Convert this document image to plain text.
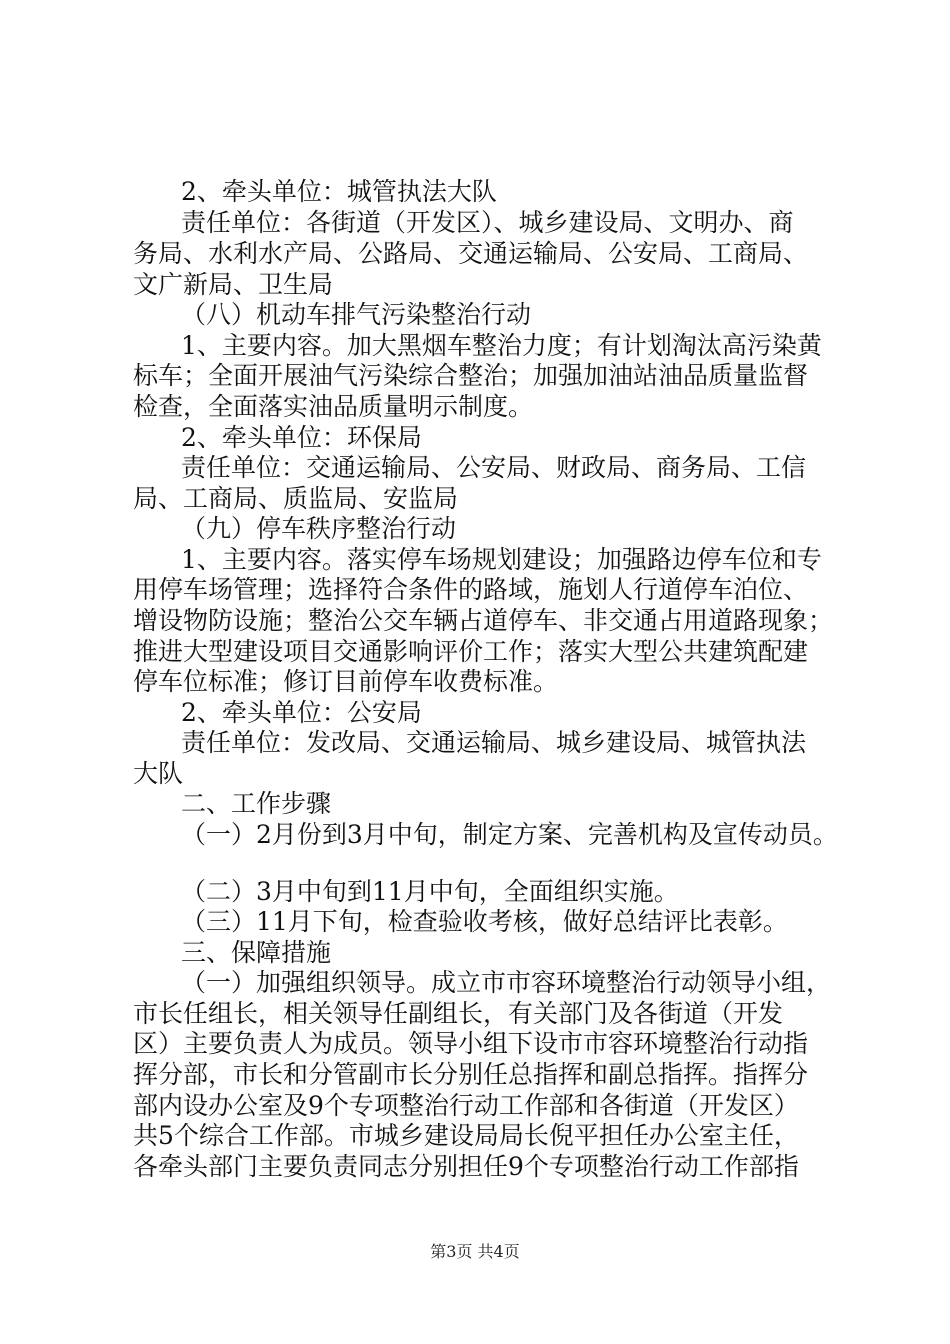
2、牵头单位：城管执法大队
责任单位：各街道（开发区）、城乡建设局、文明办、商
务局、水利水产局、公路局、交通运输局、公安局、工商局、
文广新局、卫生局
（八）机动车排气污染整治行动
1、主要内容。加大黑烟车整治力度；有计划淘汰高污染黄
标车；全面开展油气污染综合整治；加强加油站油品质量监督
检查，全面落实油品质量明示制度。
2、牵头单位：环保局
责任单位：交通运输局、公安局、财政局、商务局、工信
局、工商局、质监局、安监局
（九）停车秩序整治行动
1、主要内容。落实停车场规划建设；加强路边停车位和专
用停车场管理；选择符合条件的路域，施划人行道停车泊位、
增设物防设施；整治公交车辆占道停车、非交通占用道路现象；
推进大型建设项目交通影响评价工作；落实大型公共建筑配建
停车位标准；修订目前停车收费标准。
2、牵头单位：公安局
责任单位：发改局、交通运输局、城乡建设局、城管执法
大队
二、工作步骤
（一）2月份到3月中旬，制定方案、完善机构及宣传动员。
（二）3月中旬到11月中旬，全面组织实施。
（三）11月下旬，检查验收考核，做好总结评比表彰。
三、保障措施
（一）加强组织领导。成立市市容环境整治行动领导小组，
市长任组长，相关领导任副组长，有关部门及各街道（开发
区）主要负责人为成员。领导小组下设市市容环境整治行动指
挥分部，市长和分管副市长分别任总指挥和副总指挥。指挥分
部内设办公室及9个专项整治行动工作部和各街道（开发区）
共5个综合工作部。市城乡建设局局长倪平担任办公室主任，
各牵头部门主要负责同志分别担任9个专项整治行动工作部指
第3页 共4页
